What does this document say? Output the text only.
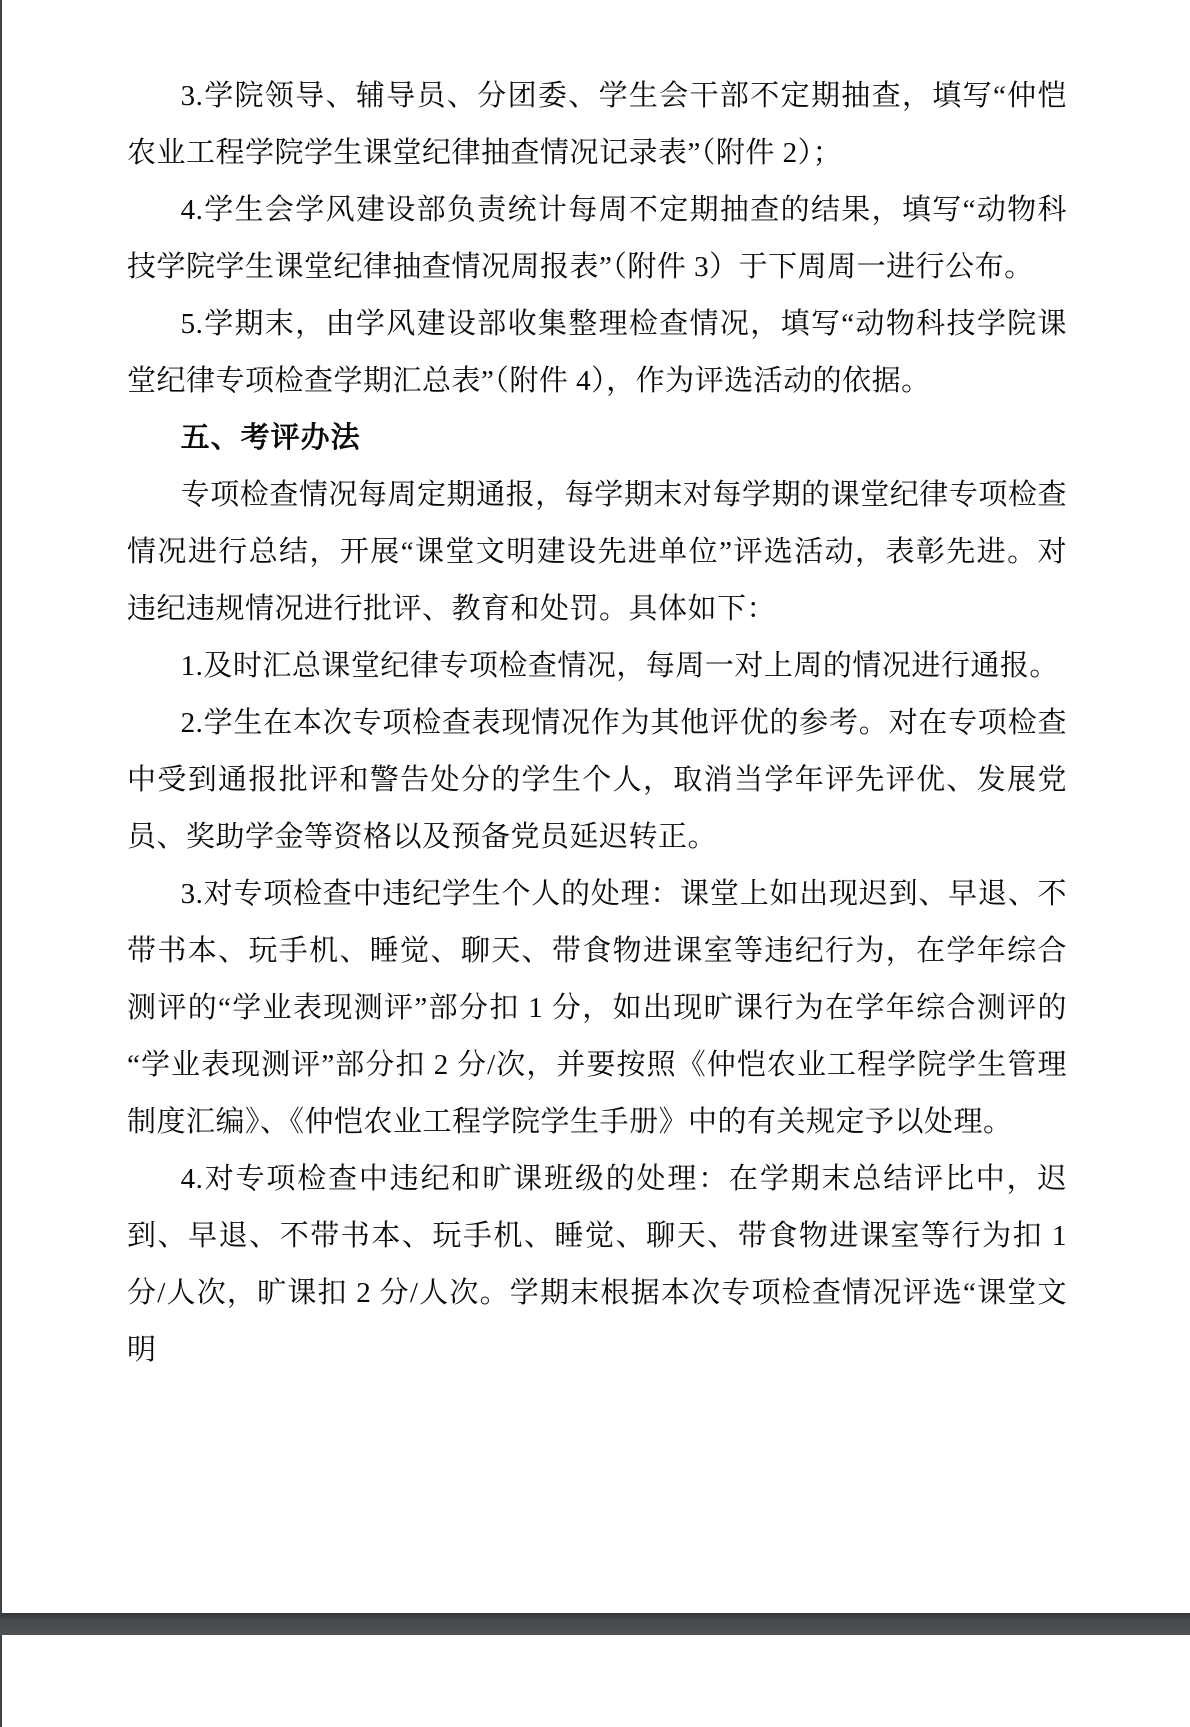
3.学院领导、辅导员、分团委、学生会干部不定期抽查，填写“仲恺农业工程学院学生课堂纪律抽查情况记录表”（附件 2）；

4.学生会学风建设部负责统计每周不定期抽查的结果，填写“动物科技学院学生课堂纪律抽查情况周报表”（附件 3）于下周周一进行公布。

5.学期末，由学风建设部收集整理检查情况，填写“动物科技学院课堂纪律专项检查学期汇总表”（附件 4），作为评选活动的依据。

五、考评办法

专项检查情况每周定期通报，每学期末对每学期的课堂纪律专项检查情况进行总结，开展“课堂文明建设先进单位”评选活动，表彰先进。对违纪违规情况进行批评、教育和处罚。具体如下：

1.及时汇总课堂纪律专项检查情况，每周一对上周的情况进行通报。

2.学生在本次专项检查表现情况作为其他评优的参考。对在专项检查中受到通报批评和警告处分的学生个人，取消当学年评先评优、发展党员、奖助学金等资格以及预备党员延迟转正。

3.对专项检查中违纪学生个人的处理：课堂上如出现迟到、早退、不带书本、玩手机、睡觉、聊天、带食物进课室等违纪行为，在学年综合测评的“学业表现测评”部分扣 1 分，如出现旷课行为在学年综合测评的“学业表现测评”部分扣 2 分/次，并要按照《仲恺农业工程学院学生管理制度汇编》、《仲恺农业工程学院学生手册》中的有关规定予以处理。

4.对专项检查中违纪和旷课班级的处理：在学期末总结评比中，迟到、早退、不带书本、玩手机、睡觉、聊天、带食物进课室等行为扣 1 分/人次，旷课扣 2 分/人次。学期末根据本次专项检查情况评选“课堂文明
